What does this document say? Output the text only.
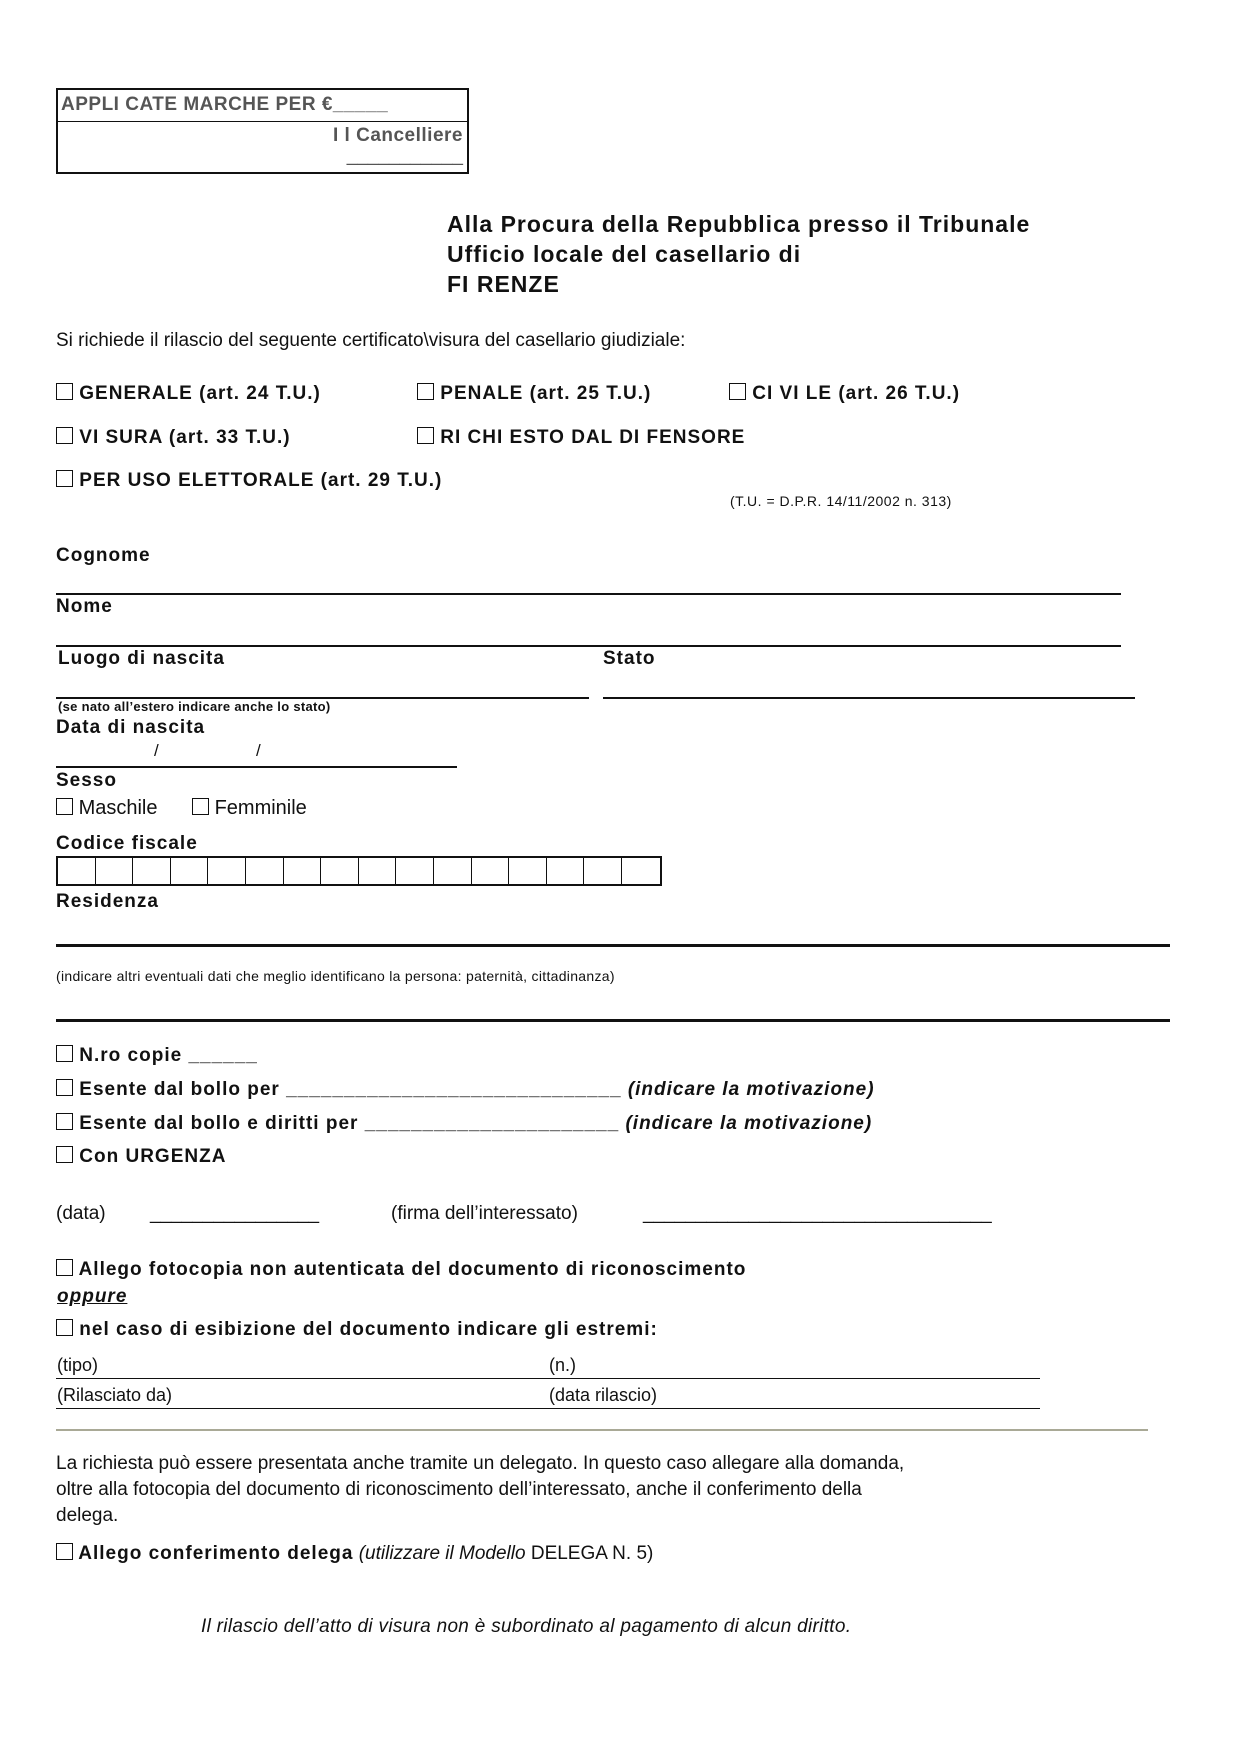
APPLI CATE MARCHE PER €_____
I l Cancelliere
___________
Alla Procura della Repubblica presso il Tribunale
Ufficio locale del casellario di
FI RENZE
Si richiede il rilascio del seguente certificato\visura del casellario giudiziale:
GENERALE (art. 24 T.U.)	PENALE (art. 25 T.U.)	CI VI LE (art. 26 T.U.)
VI SURA (art. 33 T.U.)	RI CHI ESTO DAL DI FENSORE
PER USO ELETTORALE (art. 29 T.U.)
(T.U. = D.P.R. 14/11/2002 n. 313)
Cognome
Nome
Luogo di nascita	Stato
(se nato all’estero indicare anche lo stato)
Data di nascita
/	/
Sesso
Maschile	Femminile
Codice fiscale
Residenza
(indicare altri eventuali dati che meglio identificano la persona: paternità, cittadinanza)
N.ro copie ______
Esente dal bollo per _____________________________ (indicare la motivazione)
Esente dal bollo e diritti per ______________________ (indicare la motivazione)
Con URGENZA
(data) ________________	(firma dell’interessato)	_________________________________
Allego fotocopia non autenticata del documento di riconoscimento
oppure
nel caso di esibizione del documento indicare gli estremi:
(tipo)	(n.)
(Rilasciato da)	(data rilascio)
La richiesta può essere presentata anche tramite un delegato. In questo caso allegare alla domanda,
oltre alla fotocopia del documento di riconoscimento dell’interessato, anche il conferimento della
delega.
Allego conferimento delega (utilizzare il Modello DELEGA N. 5)
Il rilascio dell’atto di visura non è subordinato al pagamento di alcun diritto.
